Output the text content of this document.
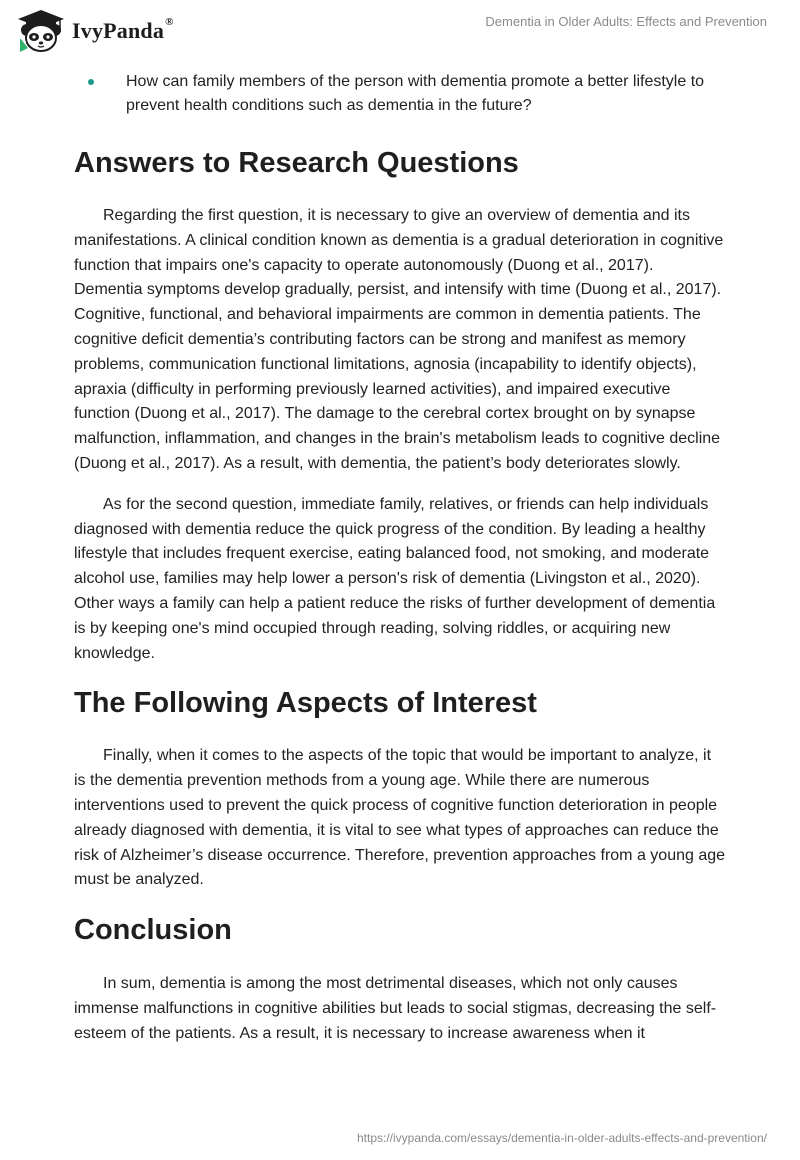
IvyPanda®	Dementia in Older Adults: Effects and Prevention
How can family members of the person with dementia promote a better lifestyle to prevent health conditions such as dementia in the future?
Answers to Research Questions

Regarding the first question, it is necessary to give an overview of dementia and its manifestations. A clinical condition known as dementia is a gradual deterioration in cognitive function that impairs one's capacity to operate autonomously (Duong et al., 2017). Dementia symptoms develop gradually, persist, and intensify with time (Duong et al., 2017). Cognitive, functional, and behavioral impairments are common in dementia patients. The cognitive deficit dementia’s contributing factors can be strong and manifest as memory problems, communication functional limitations, agnosia (incapability to identify objects), apraxia (difficulty in performing previously learned activities), and impaired executive function (Duong et al., 2017). The damage to the cerebral cortex brought on by synapse malfunction, inflammation, and changes in the brain's metabolism leads to cognitive decline (Duong et al., 2017). As a result, with dementia, the patient’s body deteriorates slowly.

As for the second question, immediate family, relatives, or friends can help individuals diagnosed with dementia reduce the quick progress of the condition. By leading a healthy lifestyle that includes frequent exercise, eating balanced food, not smoking, and moderate alcohol use, families may help lower a person's risk of dementia (Livingston et al., 2020). Other ways a family can help a patient reduce the risks of further development of dementia is by keeping one's mind occupied through reading, solving riddles, or acquiring new knowledge.

The Following Aspects of Interest

Finally, when it comes to the aspects of the topic that would be important to analyze, it is the dementia prevention methods from a young age. While there are numerous interventions used to prevent the quick process of cognitive function deterioration in people already diagnosed with dementia, it is vital to see what types of approaches can reduce the risk of Alzheimer’s disease occurrence. Therefore, prevention approaches from a young age must be analyzed.

Conclusion

In sum, dementia is among the most detrimental diseases, which not only causes immense malfunctions in cognitive abilities but leads to social stigmas, decreasing the self-esteem of the patients. As a result, it is necessary to increase awareness when it

https://ivypanda.com/essays/dementia-in-older-adults-effects-and-prevention/
